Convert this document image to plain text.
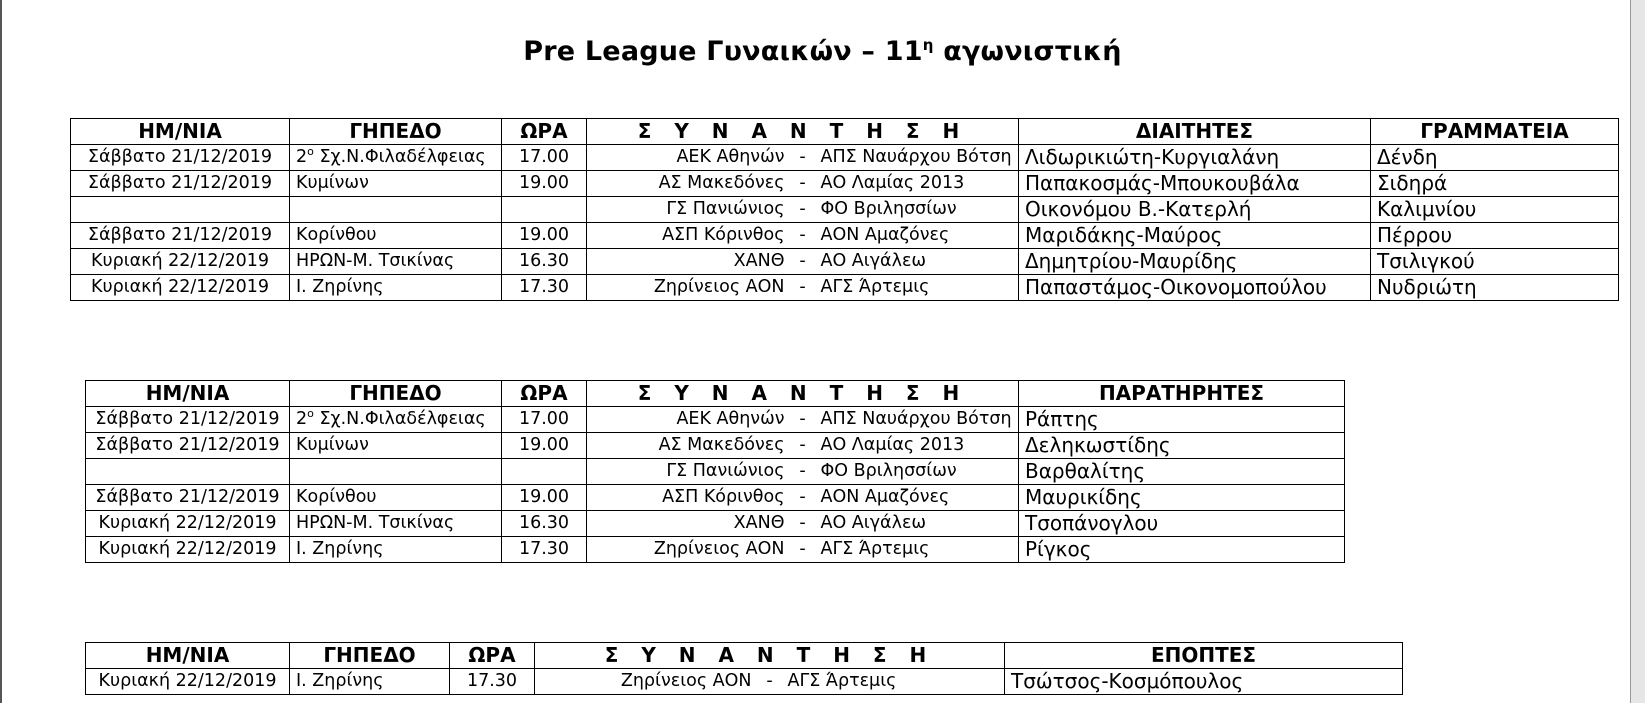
Pre League Γυναικών – $11^\eta$ αγωνιστική
ΗΜ/ΝΙΑ	ΓΗΠΕΔΟ	ΩΡΑ	Σ Υ Ν Α Ν Τ Η Σ Η	ΔΙΑΙΤΗΤΕΣ	ΓΡΑΜΜΑΤΕΙΑ
Σάββατο 21/12/2019	$2^o$ Σχ.Ν.Φιλαδέλφειας	17.00	ΑΕΚ Αθηνών - ΑΠΣ Ναυάρχου Βότση	Λιδωρικιώτη-Κυργιαλάνη	Δένδη
Σάββατο 21/12/2019	Κυμίνων	19.00	ΑΣ Μακεδόνες - ΑΟ Λαμίας 2013	Παπακοσμάς-Μπουκουβάλα	Σιδηρά

			ΓΣ Πανιώνιος - ΦΟ Βριλησσίων	Οικονόμου Β.-Κατερλή	Καλιμνίου
Σάββατο 21/12/2019	Κορίνθου	19.00	ΑΣΠ Κόρινθος - ΑΟΝ Αμαζόνες	Μαριδάκης-Μαύρος	Πέρρου
Κυριακή 22/12/2019	ΗΡΩΝ-Μ. Τσικίνας	16.30	ΧΑΝΘ - ΑΟ Αιγάλεω	Δημητρίου-Μαυρίδης	Τσιλιγκού
Κυριακή 22/12/2019	Ι. Ζηρίνης	17.30	Ζηρίνειος ΑΟΝ - ΑΓΣ Άρτεμις	Παπαστάμος-Οικονομοπούλου	Νυδριώτη
ΗΜ/ΝΙΑ	ΓΗΠΕΔΟ	ΩΡΑ	Σ Υ Ν Α Ν Τ Η Σ Η	ΠΑΡΑΤΗΡΗΤΕΣ
Σάββατο 21/12/2019	$2^o$ Σχ.Ν.Φιλαδέλφειας	17.00	ΑΕΚ Αθηνών - ΑΠΣ Ναυάρχου Βότση	Ράπτης
Σάββατο 21/12/2019	Κυμίνων	19.00	ΑΣ Μακεδόνες - ΑΟ Λαμίας 2013	Δεληκωστίδης

			ΓΣ Πανιώνιος - ΦΟ Βριλησσίων	Βαρθαλίτης
Σάββατο 21/12/2019	Κορίνθου	19.00	ΑΣΠ Κόρινθος - ΑΟΝ Αμαζόνες	Μαυρικίδης
Κυριακή 22/12/2019	ΗΡΩΝ-Μ. Τσικίνας	16.30	ΧΑΝΘ - ΑΟ Αιγάλεω	Τσοπάνογλου
Κυριακή 22/12/2019	Ι. Ζηρίνης	17.30	Ζηρίνειος ΑΟΝ - ΑΓΣ Άρτεμις	Ρίγκος
ΗΜ/ΝΙΑ	ΓΗΠΕΔΟ	ΩΡΑ	Σ Υ Ν Α Ν Τ Η Σ Η	ΕΠΟΠΤΕΣ
Κυριακή 22/12/2019	Ι. Ζηρίνης	17.30	Ζηρίνειος ΑΟΝ - ΑΓΣ Άρτεμις	Τσώτσος-Κοσμόπουλος
